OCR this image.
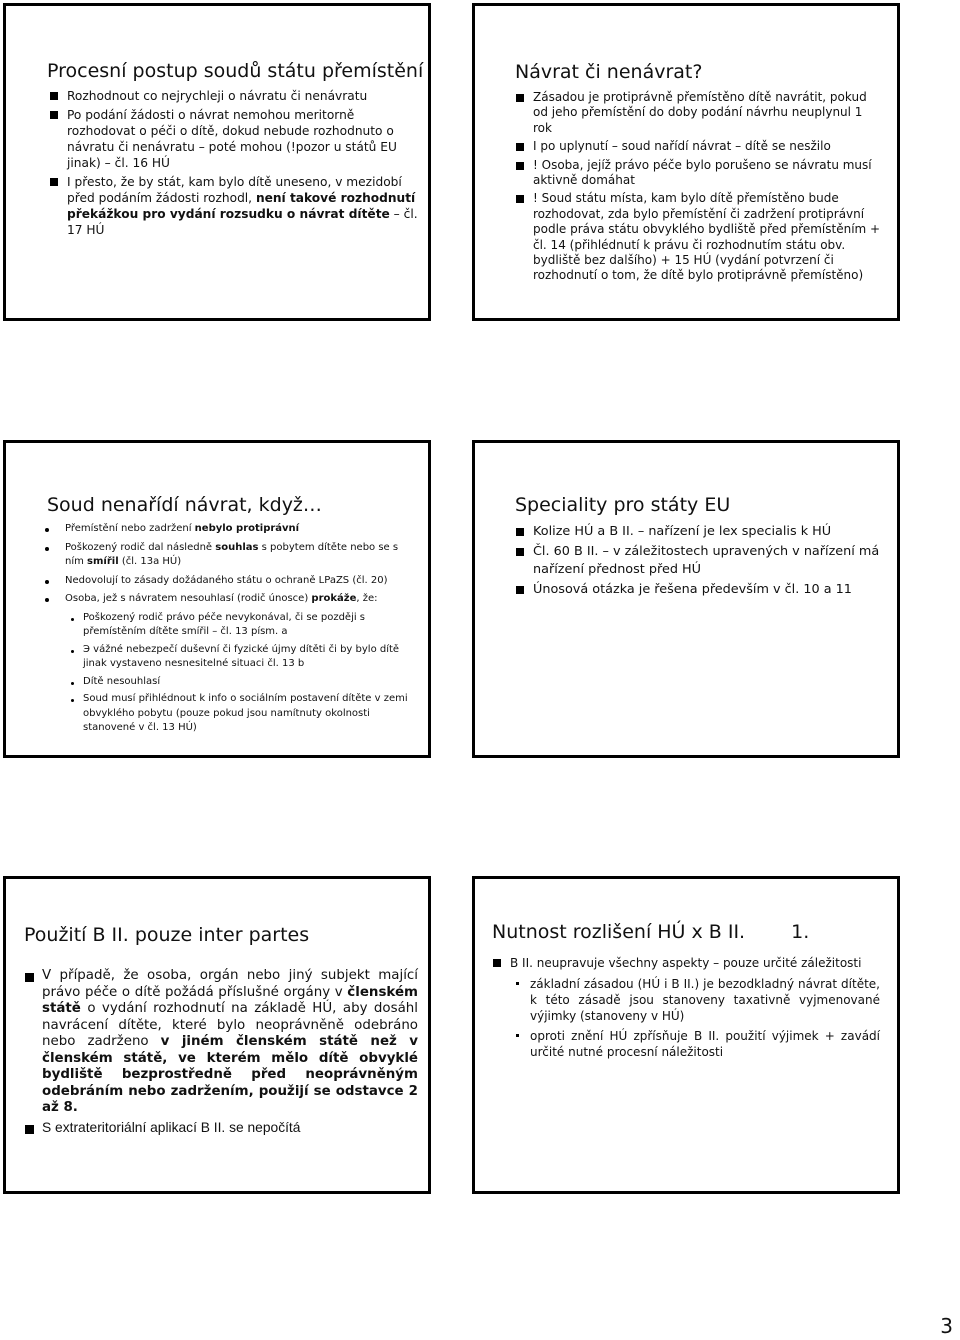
Procesní postup soudů státu přemístění

Rozhodnout co nejrychleji o návratu či nenávratu

Po podání žádosti o návrat nemohou meritorně rozhodovat o péči o dítě, dokud nebude rozhodnuto o návratu či nenávratu – poté mohou (!pozor u států EU jinak) – čl. 16 HÚ

I přesto, že by stát, kam bylo dítě uneseno, v mezidobí před podáním žádosti rozhodl, není takové rozhodnutí překážkou pro vydání rozsudku o návrat dítěte – čl. 17 HÚ

Návrat či nenávrat?

Zásadou je protiprávně přemístěno dítě navrátit, pokud od jeho přemístění do doby podání návrhu neuplynul 1 rok

I po uplynutí – soud nařídí návrat – dítě se nesžilo

! Osoba, jejíž právo péče bylo porušeno se návratu musí aktivně domáhat

! Soud státu místa, kam bylo dítě přemístěno bude rozhodovat, zda bylo přemístění či zadržení protiprávní podle práva státu obvyklého bydliště před přemístěním + čl. 14 (přihlédnutí k právu či rozhodnutím státu obv. bydliště bez dalšího) + 15 HÚ (vydání potvrzení či rozhodnutí o tom, že dítě bylo protiprávně přemístěno)

Soud nenařídí návrat, když…

Přemístění nebo zadržení nebylo protiprávní

Poškozený rodič dal následně souhlas s pobytem dítěte nebo se s ním smířil (čl. 13a HÚ)

Nedovolují to zásady dožádaného státu o ochraně LPaZS (čl. 20)

Osoba, jež s návratem nesouhlasí (rodič únosce) prokáže, že:

Poškozený rodič právo péče nevykonával, či se později s přemístěním dítěte smířil – čl. 13 písm. a

Э vážné nebezpečí duševní či fyzické újmy dítěti či by bylo dítě jinak vystaveno nesnesitelné situaci čl. 13 b

Dítě nesouhlasí

Soud musí přihlédnout k info o sociálním postavení dítěte v zemi obvyklého pobytu (pouze pokud jsou namítnuty okolnosti stanovené v čl. 13 HÚ)

Speciality pro státy EU

Kolize HÚ a B II. – nařízení je lex specialis k HÚ

Čl. 60 B II. – v záležitostech upravených v nařízení má nařízení přednost před HÚ

Únosová otázka je řešena především v čl. 10 a 11

Použití B II. pouze inter partes

V případě, že osoba, orgán nebo jiný subjekt mající právo péče o dítě požádá příslušné orgány v členském státě o vydání rozhodnutí na základě HÚ, aby dosáhl navrácení dítěte, které bylo neoprávněně odebráno nebo zadrženo v jiném členském státě než v členském státě, ve kterém mělo dítě obvyklé bydliště bezprostředně před neoprávněným odebráním nebo zadržením, použijí se odstavce 2 až 8.

S extrateritoriální aplikací B II. se nepočítá

Nutnost rozlišení HÚ x B II. 1.

B II. neupravuje všechny aspekty – pouze určité záležitosti

základní zásadou (HÚ i B II.) je bezodkladný návrat dítěte, k této zásadě jsou stanoveny taxativně vyjmenované výjimky (stanoveny v HÚ)

oproti znění HÚ zpřísňuje B II. použití výjimek + zavádí určité nutné procesní náležitosti

3
